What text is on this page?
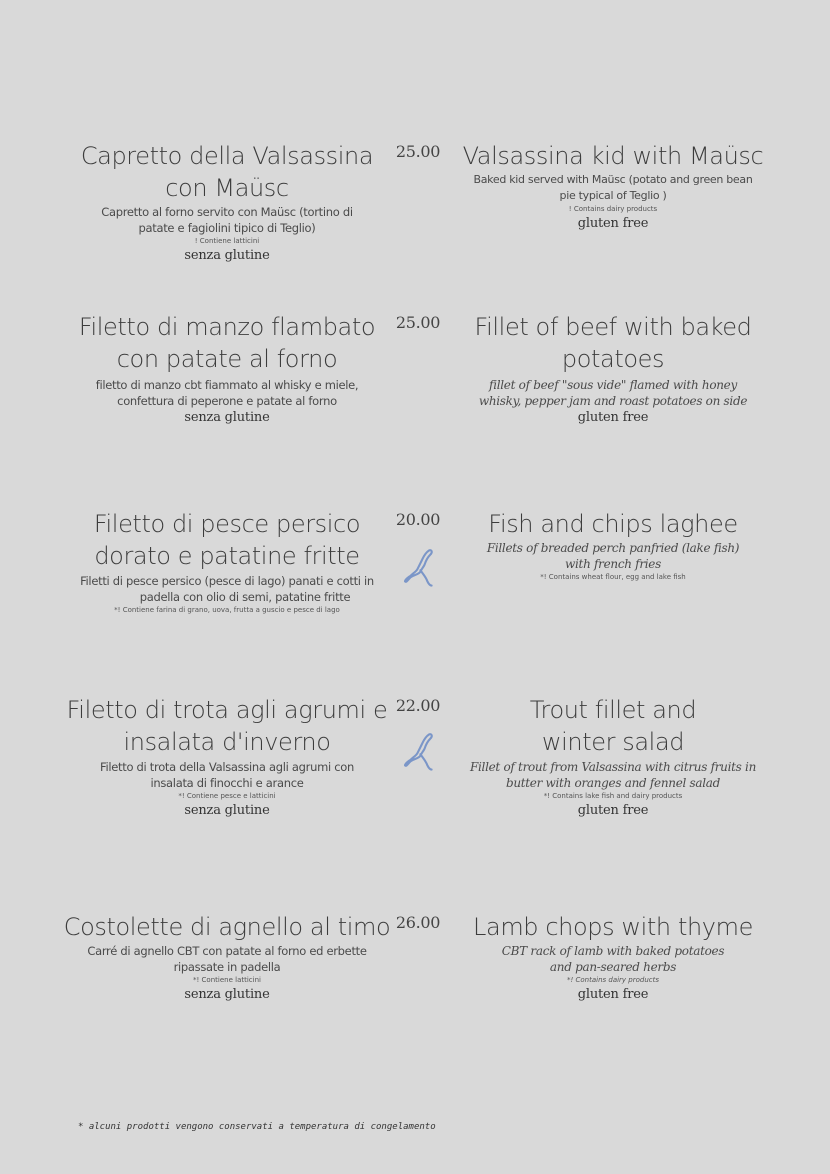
Capretto della Valsassina
con Maüsc
Capretto al forno servito con Maüsc (tortino di
patate e fagiolini tipico di Teglio)
! Contiene latticini
senza glutine
25.00 Valsassina kid with Maüsc
Baked kid served with Maüsc (potato and green bean
pie typical of Teglio )
! Contains dairy products
gluten free
Filetto di manzo flambato
con patate al forno
filetto di manzo cbt fiammato al whisky e miele,
confettura di peperone e patate al forno
senza glutine
25.00	Fillet of beef with baked
potatoes
fillet of beef "sous vide" flamed with honey
whisky, pepper jam and roast potatoes on side
gluten free
Filetto di pesce persico
dorato e patatine fritte
Filetti di pesce persico (pesce di lago) panati e cotti in
padella con olio di semi, patatine fritte
*! Contiene farina di grano, uova, frutta a guscio e pesce di lago
20.00	Fish and chips laghee
Fillets of breaded perch panfried (lake fish)
with french fries
*! Contains wheat flour, egg and lake fish
Filetto di trota agli agrumi e
insalata d'inverno
Filetto di trota della Valsassina agli agrumi con
insalata di finocchi e arance
*! Contiene pesce e latticini
senza glutine
22.00	Trout fillet and
winter salad
Fillet of trout from Valsassina with citrus fruits in
butter with oranges and fennel salad
*! Contains lake fish and dairy products
gluten free
Costolette di agnello al timo
Carré di agnello CBT con patate al forno ed erbette
ripassate in padella
*! Contiene latticini
senza glutine
26.00	Lamb chops with thyme
CBT rack of lamb with baked potatoes
and pan-seared herbs
*! Contains dairy products
gluten free
* alcuni prodotti vengono conservati a temperatura di congelamento
